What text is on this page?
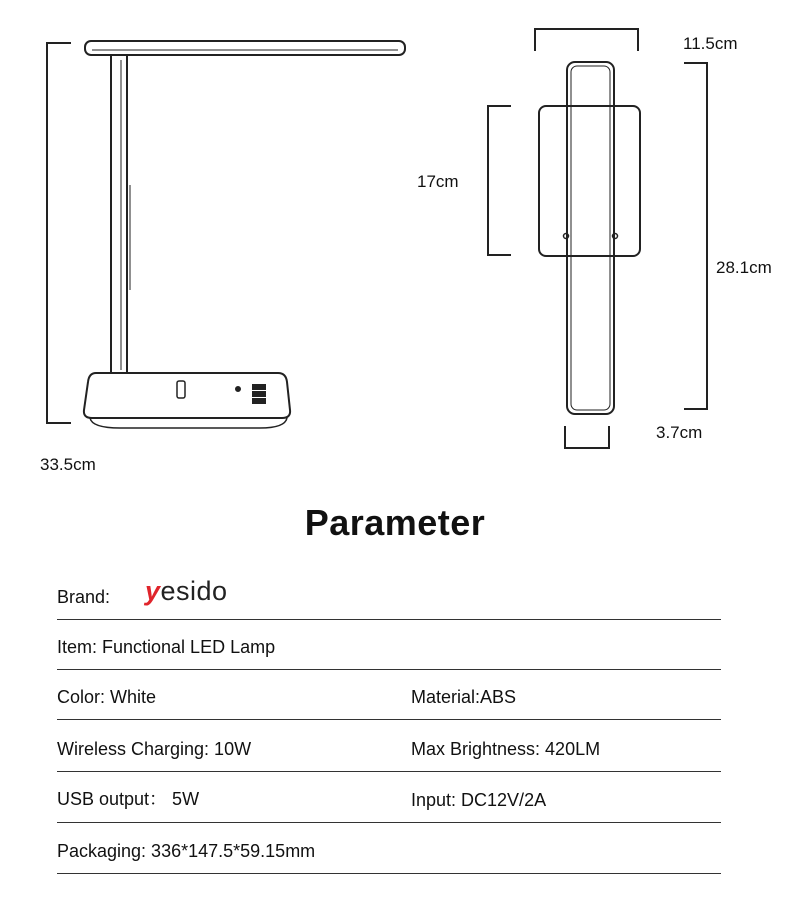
33.5cm
11.5cm
28.1cm
17cm
3.7cm
Parameter
Brand: yesido
Item: Functional LED Lamp
Color: White	Material:ABS
Wireless Charging: 10W	Max Brightness: 420LM
USB output： 5W	Input: DC12V/2A
Packaging: 336*147.5*59.15mm
